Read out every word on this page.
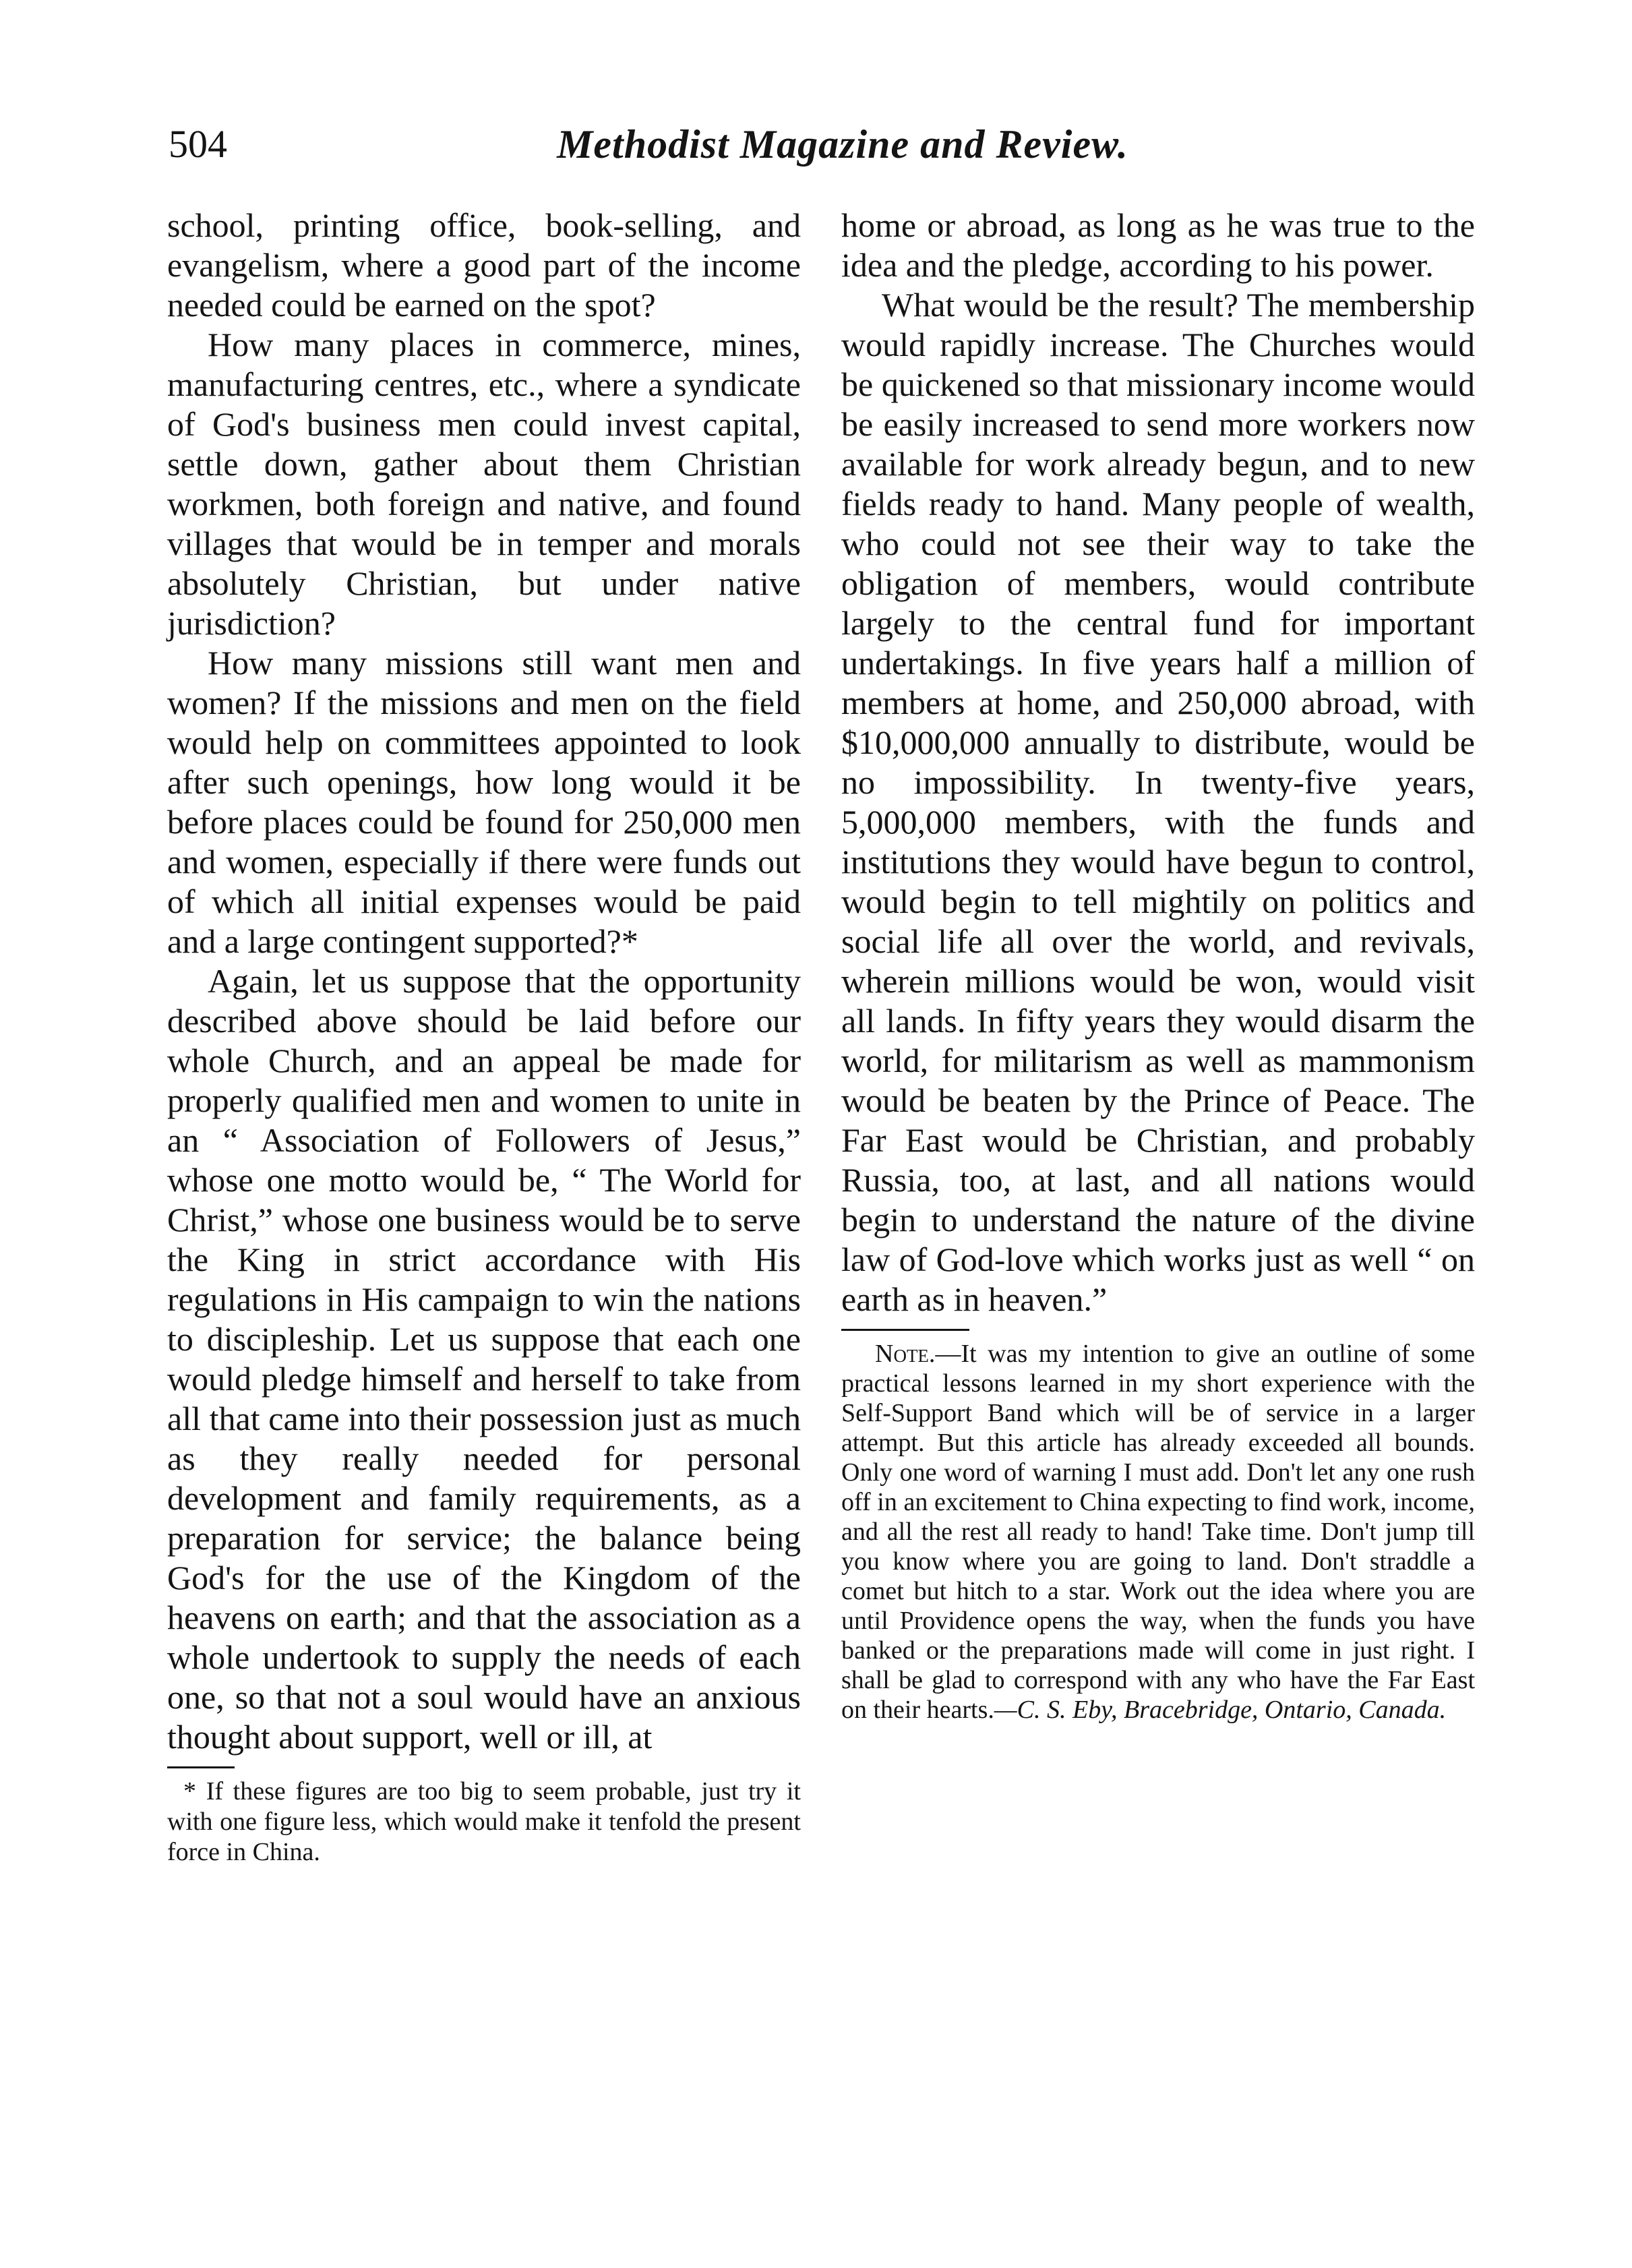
504	Methodist Magazine and Review.

school, printing office, book-selling, and evangelism, where a good part of the income needed could be earned on the spot?

How many places in commerce, mines, manufacturing centres, etc., where a syndicate of God's business men could invest capital, settle down, gather about them Christian workmen, both foreign and native, and found villages that would be in temper and morals absolutely Christian, but under native jurisdiction?

How many missions still want men and women? If the missions and men on the field would help on committees appointed to look after such openings, how long would it be before places could be found for 250,000 men and women, especially if there were funds out of which all initial expenses would be paid and a large contingent supported?*

Again, let us suppose that the opportunity described above should be laid before our whole Church, and an appeal be made for properly qualified men and women to unite in an “ Association of Followers of Jesus,” whose one motto would be, “ The World for Christ,” whose one business would be to serve the King in strict accordance with His regulations in His campaign to win the nations to discipleship. Let us suppose that each one would pledge himself and herself to take from all that came into their possession just as much as they really needed for personal development and family requirements, as a preparation for service; the balance being God's for the use of the Kingdom of the heavens on earth; and that the association as a whole undertook to supply the needs of each one, so that not a soul would have an anxious thought about support, well or ill, at

* If these figures are too big to seem probable, just try it with one figure less, which would make it tenfold the present force in China.

home or abroad, as long as he was true to the idea and the pledge, according to his power.

What would be the result? The membership would rapidly increase. The Churches would be quickened so that missionary income would be easily increased to send more workers now available for work already begun, and to new fields ready to hand. Many people of wealth, who could not see their way to take the obligation of members, would contribute largely to the central fund for important undertakings. In five years half a million of members at home, and 250,000 abroad, with $10,000,000 annually to distribute, would be no impossibility. In twenty-five years, 5,000,000 members, with the funds and institutions they would have begun to control, would begin to tell mightily on politics and social life all over the world, and revivals, wherein millions would be won, would visit all lands. In fifty years they would disarm the world, for militarism as well as mammonism would be beaten by the Prince of Peace. The Far East would be Christian, and probably Russia, too, at last, and all nations would begin to understand the nature of the divine law of God-love which works just as well “ on earth as in heaven.”

Note.—It was my intention to give an outline of some practical lessons learned in my short experience with the Self-Support Band which will be of service in a larger attempt. But this article has already exceeded all bounds. Only one word of warning I must add. Don't let any one rush off in an excitement to China expecting to find work, income, and all the rest all ready to hand! Take time. Don't jump till you know where you are going to land. Don't straddle a comet but hitch to a star. Work out the idea where you are until Providence opens the way, when the funds you have banked or the preparations made will come in just right. I shall be glad to correspond with any who have the Far East on their hearts.—C. S. Eby, Bracebridge, Ontario, Canada.
